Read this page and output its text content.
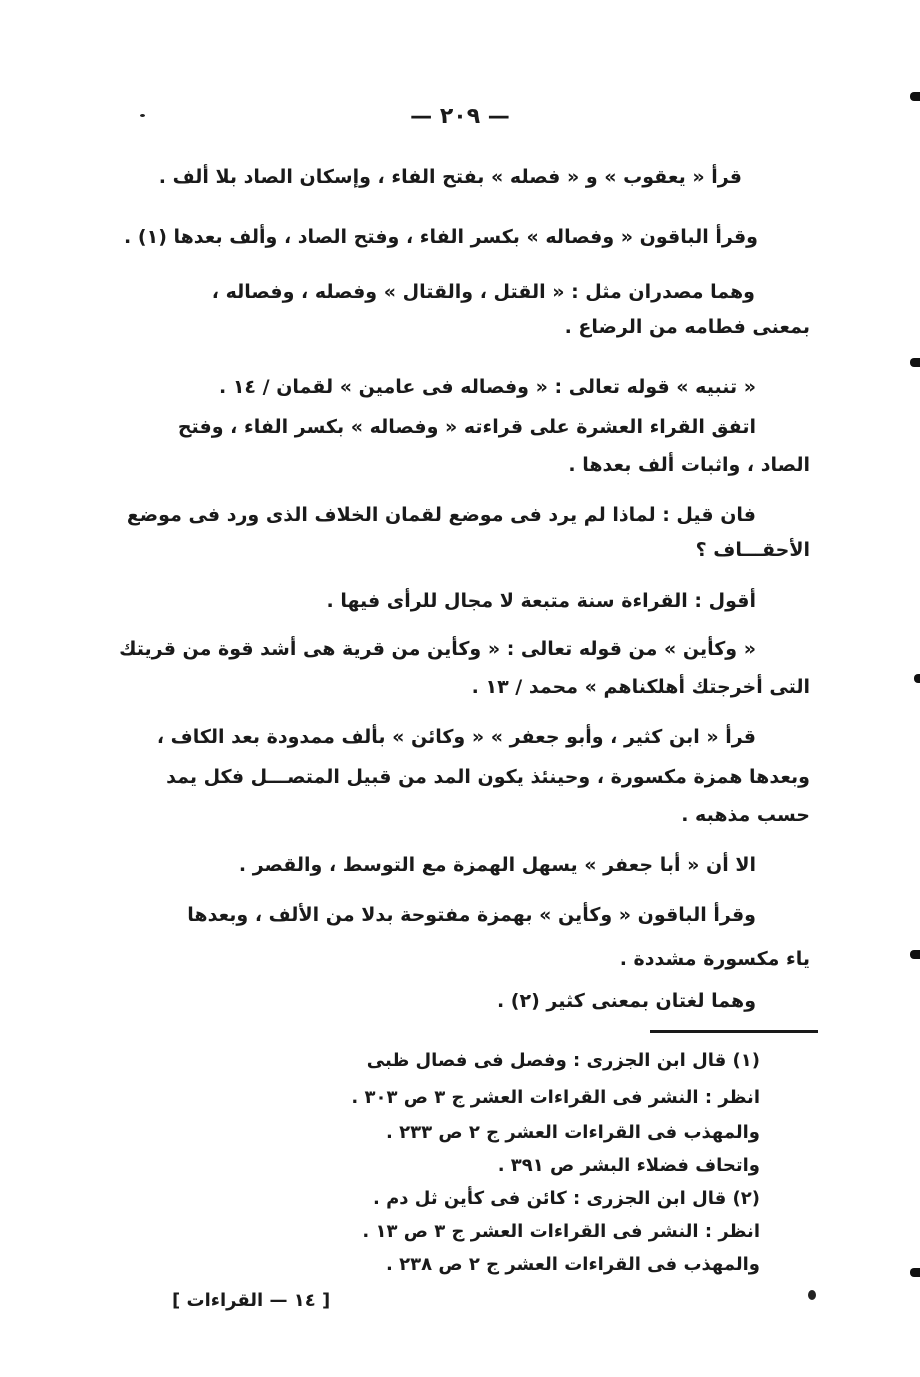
— ٢٠٩ —
قرأ « يعقوب » و « فصله » بفتح الفاء ، وإسكان الصاد بلا ألف .
وقرأ الباقون « وفصاله » بكسر الفاء ، وفتح الصاد ، وألف بعدها (١) .
وهما مصدران مثل : « القتل ، والقتال » وفصله ، وفصاله ،
بمعنى فطامه من الرضاع .
« تنبيه » قوله تعالى : « وفصاله فى عامين » لقمان / ١٤ .
اتفق القراء العشرة على قراءته « وفصاله » بكسر الفاء ، وفتح
الصاد ، واثبات ألف بعدها .
فان قيل : لماذا لم يرد فى موضع لقمان الخلاف الذى ورد فى موضع
الأحقـــاف ؟
أقول : القراءة سنة متبعة لا مجال للرأى فيها .
« وكأين » من قوله تعالى : « وكأين من قرية هى أشد قوة من قريتك
التى أخرجتك أهلكناهم » محمد / ١٣ .
قرأ « ابن كثير ، وأبو جعفر » « وكائن » بألف ممدودة بعد الكاف ،
وبعدها همزة مكسورة ، وحينئذ يكون المد من قبيل المتصـــل فكل يمد
حسب مذهبه .
الا أن « أبا جعفر » يسهل الهمزة مع التوسط ، والقصر .
وقرأ الباقون « وكأين » بهمزة مفتوحة بدلا من الألف ، وبعدها
ياء مكسورة مشددة .
وهما لغتان بمعنى كثير (٢) .
(١) قال ابن الجزرى : وفصل فى فصال ظبى
انظر : النشر فى القراءات العشر ج ٣ ص ٣٠٣ .
والمهذب فى القراءات العشر ج ٢ ص ٢٣٣ .
واتحاف فضلاء البشر ص ٣٩١ .
(٢) قال ابن الجزرى : كائن فى كأين ثل دم .
انظر : النشر فى القراءات العشر ج ٣ ص ١٣ .
والمهذب فى القراءات العشر ج ٢ ص ٢٣٨ .
[ ١٤ — القراءات ]
